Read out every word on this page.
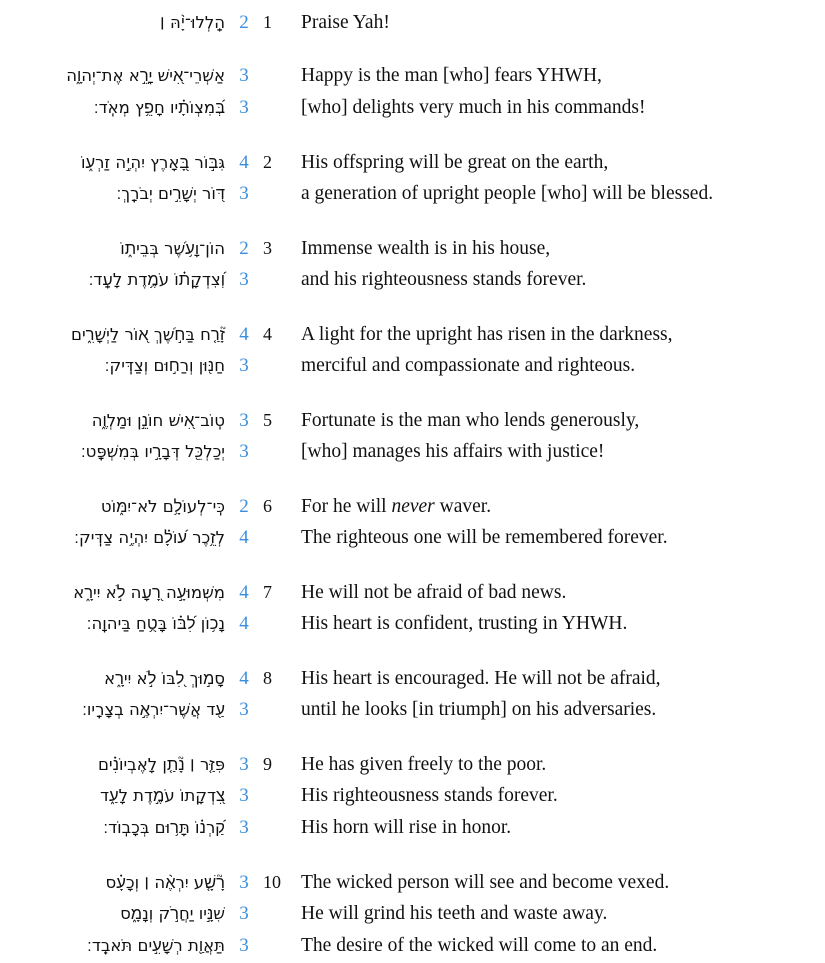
הַֽלְלוּ־יָ֨הּ ׀ 2 1	Praise Yah!
אַשְׁרֵי־אִ֭ישׁ יָרֵ֣א אֶת־יְהוָ֑ה 3	Happy is the man [who] fears YHWH,
בְּ֝מִצְוֺתָ֗יו חָפֵ֥ץ מְאֹֽד׃ 3	[who] delights very much in his commands!
גִּבּ֣וֹר בָּ֭אָרֶץ יִהְיֶ֣ה זַרְע֑וֹ 4 2	His offspring will be great on the earth,
דּ֭וֹר יְשָׁרִ֣ים יְבֹרָֽךְ׃ 3	a generation of upright people [who] will be blessed.
הוֹן־וָעֹ֥שֶׁר בְּבֵית֑וֹ 2 3	Immense wealth is in his house,
וְ֝צִדְקָת֗וֹ עֹמֶ֥דֶת לָעַֽד׃ 3	and his righteousness stands forever.
זָ֘רַ֤ח בַּחֹ֣שֶׁךְ א֭וֹר לַיְשָׁרִ֑ים 4 4	A light for the upright has risen in the darkness,
חַנּ֖וּן וְרַח֣וּם וְצַדִּֽיק׃ 3	merciful and compassionate and righteous.
טֽוֹב־אִ֭ישׁ חוֹנֵ֣ן וּמַלְוֶ֑ה 3 5	Fortunate is the man who lends generously,
יְכַלְכֵּ֖ל דְּבָרָ֣יו בְּמִשְׁפָּֽט׃ 3	[who] manages his affairs with justice!
כִּֽי־לְעוֹלָ֥ם לֹא־יִמּ֑וֹט 2 6	For he will never waver.
לְזֵ֥כֶר ע֝וֹלָ֗ם יִהְיֶ֥ה צַדִּֽיק׃ 4	The righteous one will be remembered forever.
מִשְּׁמוּעָ֣ה רָ֭עָה לֹ֣א יִירָ֑א 4 7	He will not be afraid of bad news.
נָכ֥וֹן לִ֝בּ֗וֹ בָּטֻ֥חַ בַּיהוָֽה׃ 4	His heart is confident, trusting in YHWH.
סָמ֣וּךְ לִ֭בּוֹ לֹ֣א יִירָ֑א 4 8	His heart is encouraged. He will not be afraid,
עַ֖ד אֲשֶׁר־יִרְאֶ֣ה בְצָרָֽיו׃ 3	until he looks [in triumph] on his adversaries.
פִּזַּ֤ר ׀ נָ֘תַ֤ן לָאֶבְיוֹנִ֗ים 3 9	He has given freely to the poor.
צִ֭דְקָתוֹ עֹמֶ֣דֶת לָעַ֑ד 3	His righteousness stands forever.
קַ֝רְנ֗וֹ תָּר֥וּם בְּכָבֽוֹד׃ 3	His horn will rise in honor.
רָ֘שָׁ֤ע יִרְאֶ֨ה ׀ וְכָעָ֗ס 3 10	The wicked person will see and become vexed.
שִׁנָּ֣יו יַחֲרֹ֣ק וְנָמָ֑ס 3	He will grind his teeth and waste away.
תַּאֲוַ֖ת רְשָׁעִ֣ים תֹּאבֵֽד׃ 3	The desire of the wicked will come to an end.
